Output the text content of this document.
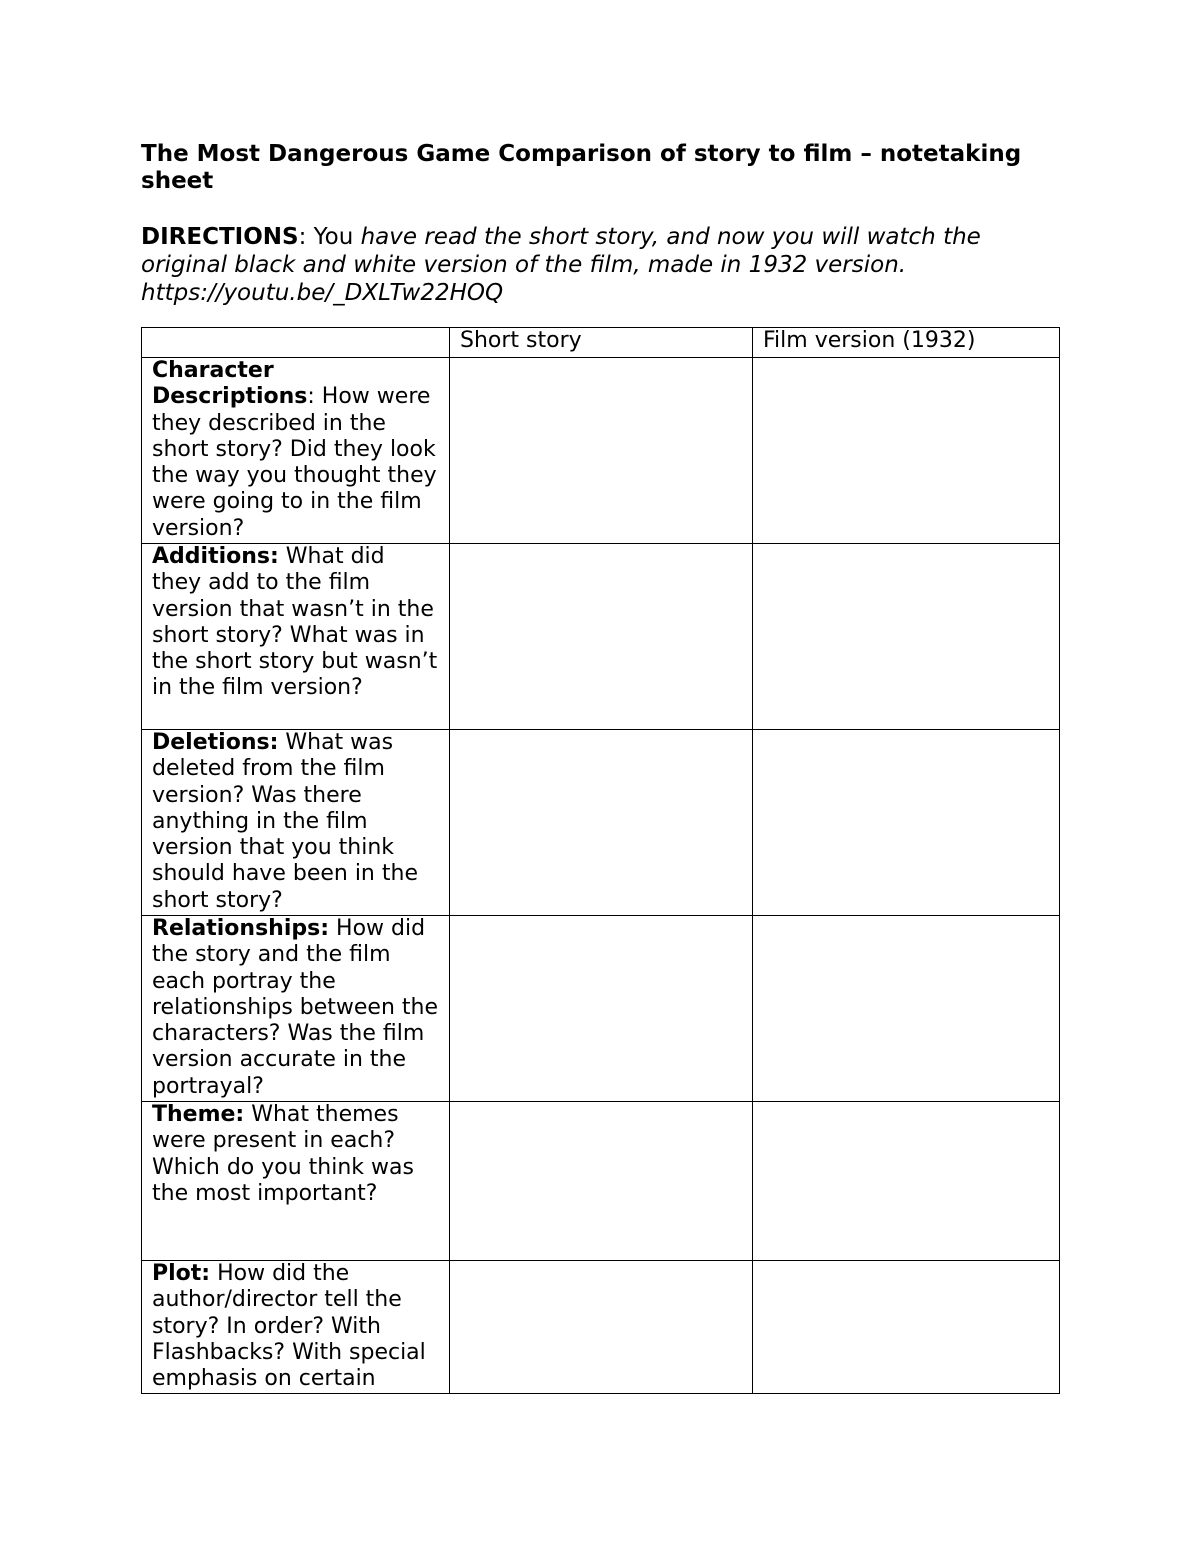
The Most Dangerous Game Comparison of story to film – notetaking sheet

DIRECTIONS: You have read the short story, and now you will watch the original black and white version of the film, made in 1932 version.
https://youtu.be/_DXLTw22HOQ

	Short story	Film version (1932)

Character Descriptions: How were they described in the short story? Did they look the way you thought they were going to in the film version?		

Additions: What did they add to the film version that wasn’t in the short story? What was in the short story but wasn’t in the film version?		

Deletions: What was deleted from the film version? Was there anything in the film version that you think should have been in the short story?		

Relationships: How did the story and the film each portray the relationships between the characters? Was the film version accurate in the portrayal?		

Theme: What themes were present in each? Which do you think was the most important?		

Plot: How did the author/director tell the story? In order? With Flashbacks? With special emphasis on certain		
